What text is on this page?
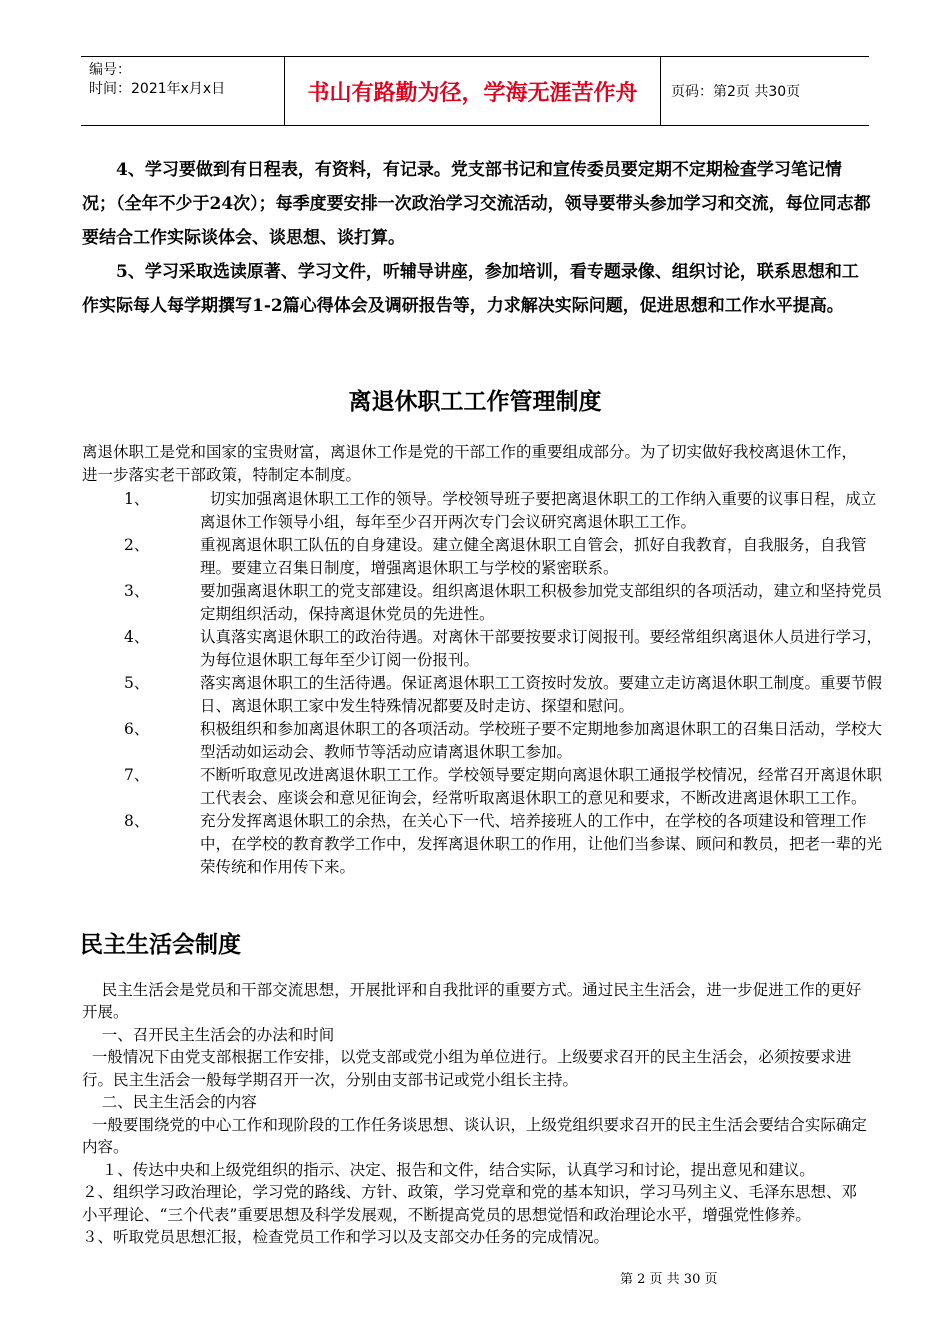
编号：
时间：2021年x月x日	书山有路勤为径，学海无涯苦作舟	页码：第2页 共30页

4、学习要做到有日程表，有资料，有记录。党支部书记和宣传委员要定期不定期检查学习笔记情况；（全年不少于24次）；每季度要安排一次政治学习交流活动，领导要带头参加学习和交流，每位同志都要结合工作实际谈体会、谈思想、谈打算。

5、学习采取选读原著、学习文件，听辅导讲座，参加培训，看专题录像、组织讨论，联系思想和工作实际每人每学期撰写1-2篇心得体会及调研报告等，力求解决实际问题，促进思想和工作水平提高。

离退休职工工作管理制度
离退休职工是党和国家的宝贵财富，离退休工作是党的干部工作的重要组成部分。为了切实做好我校离退休工作，进一步落实老干部政策，特制定本制度。
1、	切实加强离退休职工工作的领导。学校领导班子要把离退休职工的工作纳入重要的议事日程，成立离退休工作领导小组，每年至少召开两次专门会议研究离退休职工工作。
2、	重视离退休职工队伍的自身建设。建立健全离退休职工自管会，抓好自我教育，自我服务，自我管理。要建立召集日制度，增强离退休职工与学校的紧密联系。
3、	要加强离退休职工的党支部建设。组织离退休职工积极参加党支部组织的各项活动，建立和坚持党员定期组织活动，保持离退休党员的先进性。
4、	认真落实离退休职工的政治待遇。对离休干部要按要求订阅报刊。要经常组织离退休人员进行学习，为每位退休职工每年至少订阅一份报刊。
5、	落实离退休职工的生活待遇。保证离退休职工工资按时发放。要建立走访离退休职工制度。重要节假日、离退休职工家中发生特殊情况都要及时走访、探望和慰问。
6、	积极组织和参加离退休职工的各项活动。学校班子要不定期地参加离退休职工的召集日活动，学校大型活动如运动会、教师节等活动应请离退休职工参加。
7、	不断听取意见改进离退休职工工作。学校领导要定期向离退休职工通报学校情况，经常召开离退休职工代表会、座谈会和意见征询会，经常听取离退休职工的意见和要求，不断改进离退休职工工作。
8、	充分发挥离退休职工的余热，在关心下一代、培养接班人的工作中，在学校的各项建设和管理工作中，在学校的教育教学工作中，发挥离退休职工的作用，让他们当参谋、顾问和教员，把老一辈的光荣传统和作用传下来。
民主生活会制度

民主生活会是党员和干部交流思想，开展批评和自我批评的重要方式。通过民主生活会，进一步促进工作的更好开展。

一、召开民主生活会的办法和时间

一般情况下由党支部根据工作安排，以党支部或党小组为单位进行。上级要求召开的民主生活会，必须按要求进行。民主生活会一般每学期召开一次，分别由支部书记或党小组长主持。

二、民主生活会的内容

一般要围绕党的中心工作和现阶段的工作任务谈思想、谈认识，上级党组织要求召开的民主生活会要结合实际确定内容。

１、传达中央和上级党组织的指示、决定、报告和文件，结合实际，认真学习和讨论，提出意见和建议。

２、组织学习政治理论，学习党的路线、方针、政策，学习党章和党的基本知识，学习马列主义、毛泽东思想、邓小平理论、“三个代表”重要思想及科学发展观，不断提高党员的思想觉悟和政治理论水平，增强党性修养。

３、听取党员思想汇报，检查党员工作和学习以及支部交办任务的完成情况。

第 2 页 共 30 页
